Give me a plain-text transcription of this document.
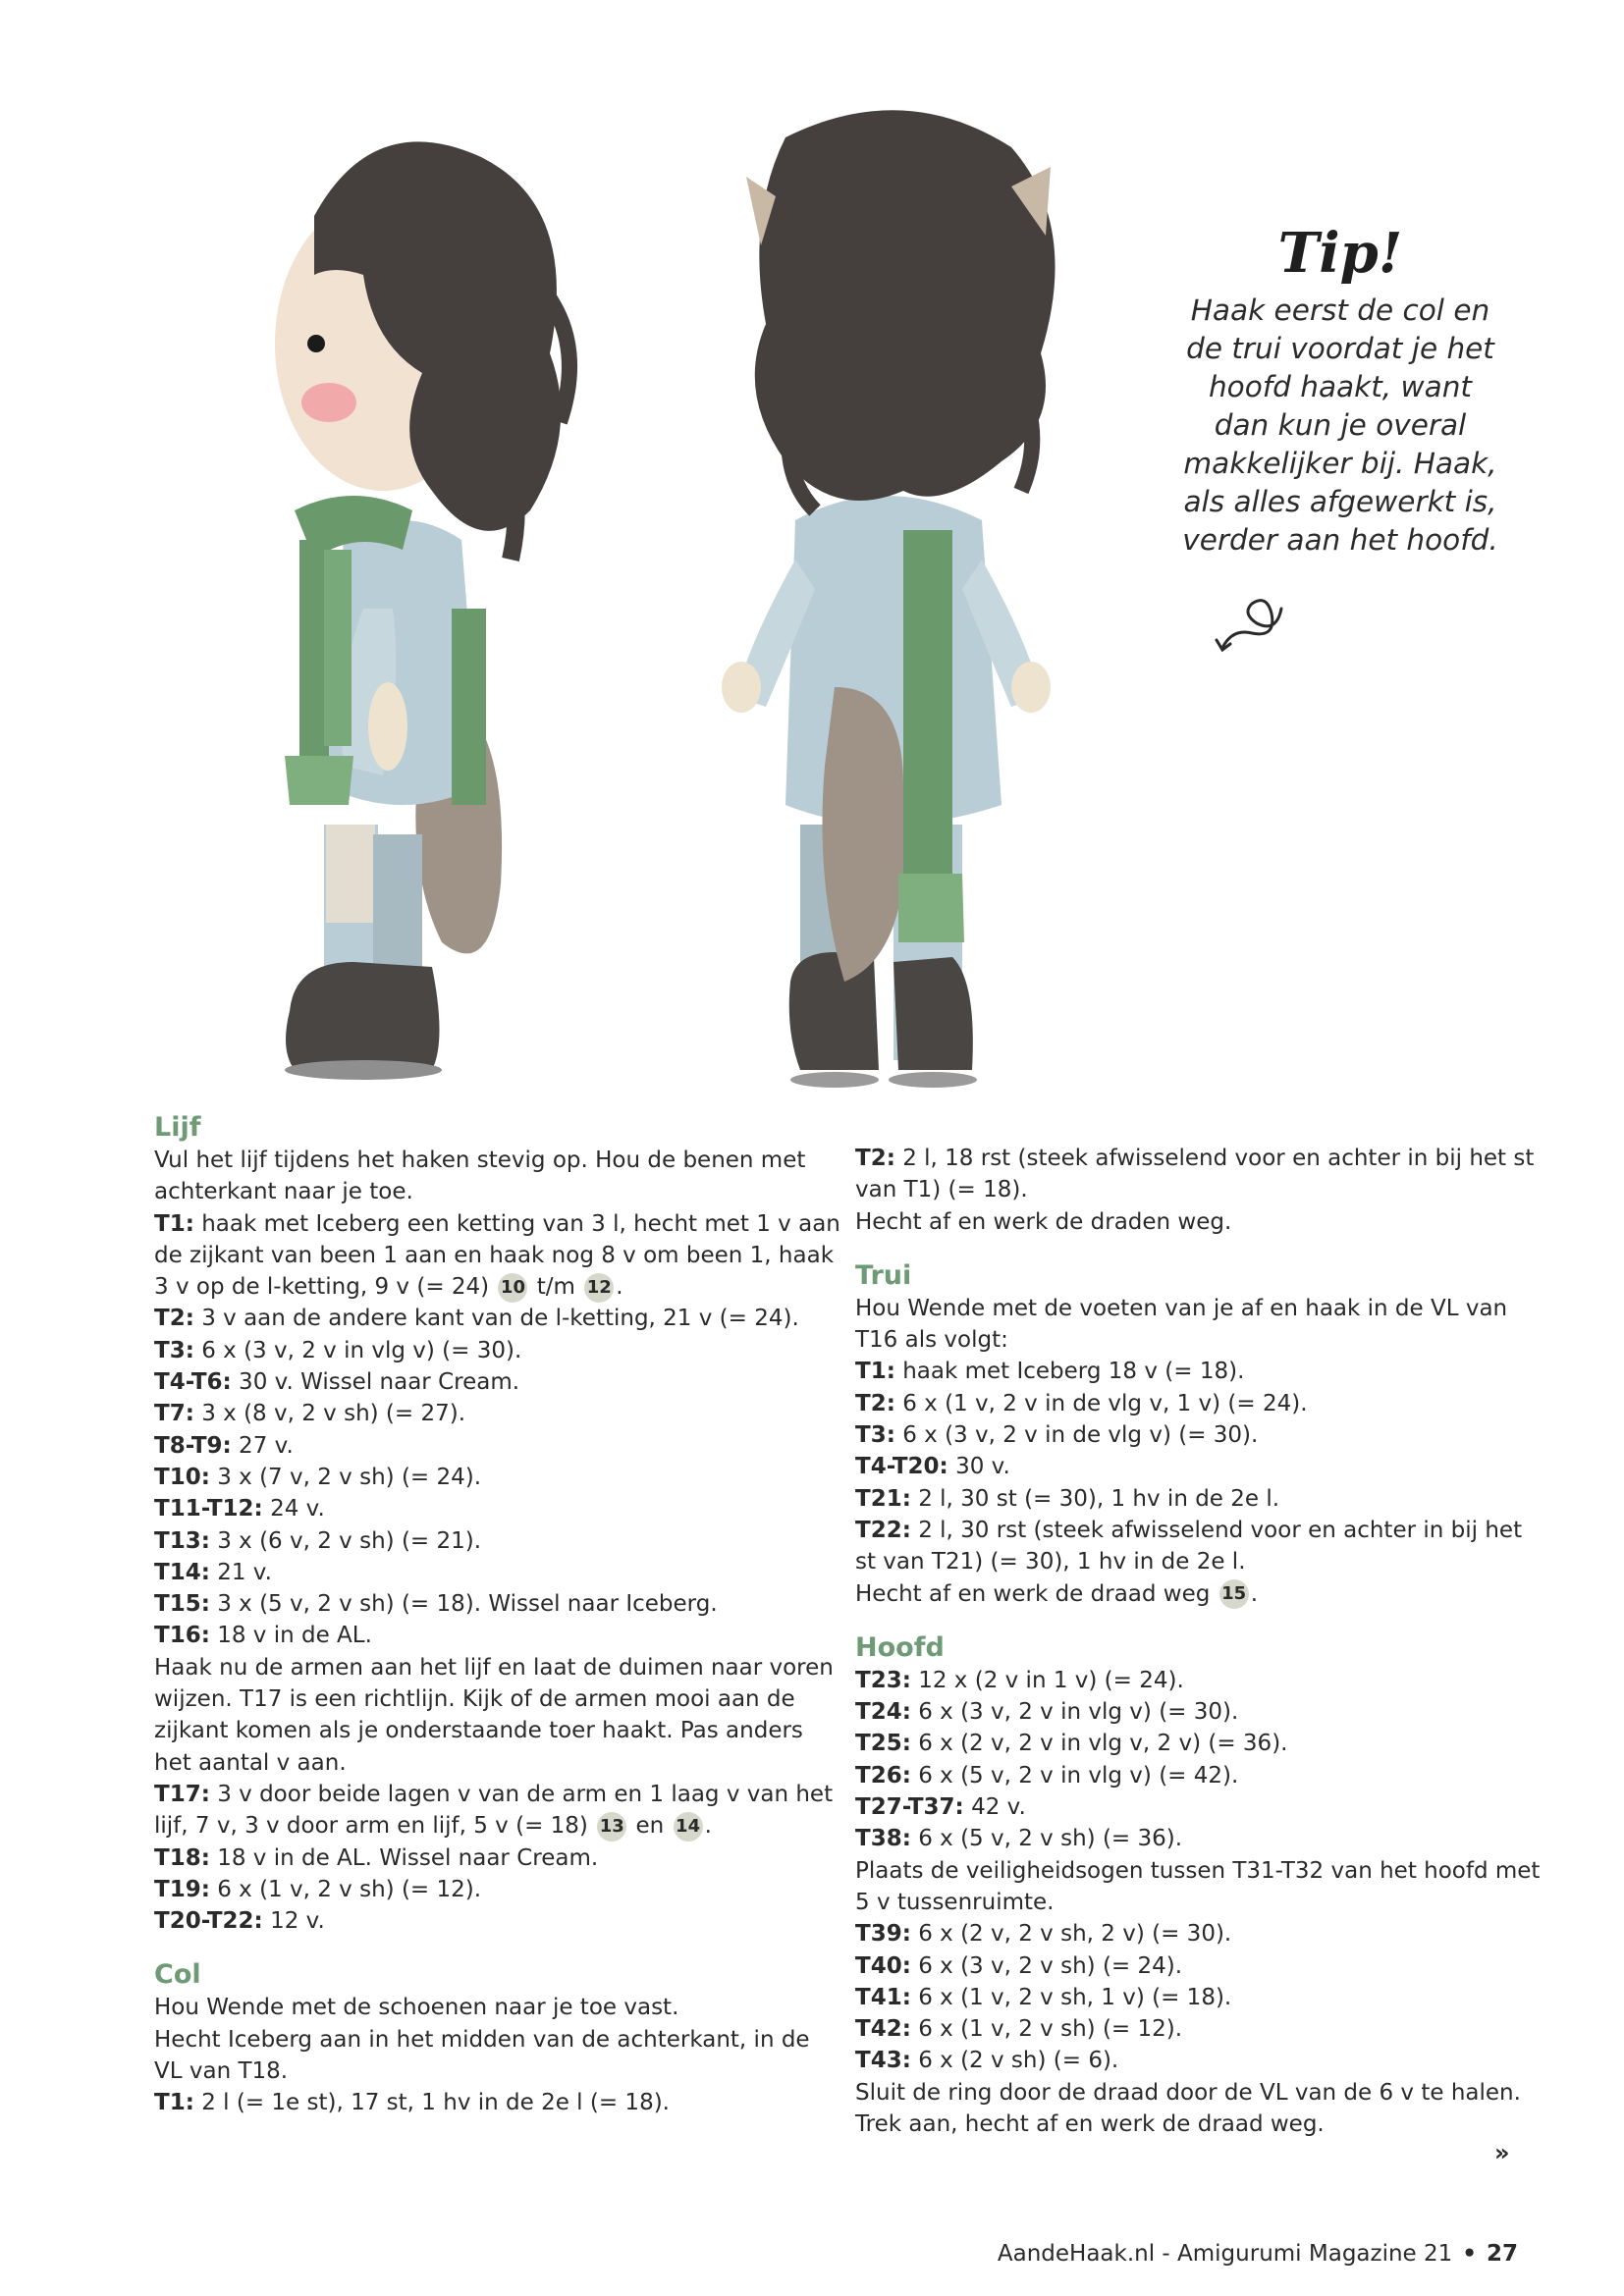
Tip!
Haak eerst de col en
de trui voordat je het
hoofd haakt, want
dan kun je overal
makkelijker bij. Haak,
als alles afgewerkt is,
verder aan het hoofd.

Lijf

Vul het lijf tijdens het haken stevig op. Hou de benen met achterkant naar je toe.

T1: haak met Iceberg een ketting van 3 l, hecht met 1 v aan de zijkant van been 1 aan en haak nog 8 v om been 1, haak 3 v op de l-ketting, 9 v (= 24) 10 t/m 12 .

T2: 3 v aan de andere kant van de l-ketting, 21 v (= 24).

T3: 6 x (3 v, 2 v in vlg v) (= 30).

T4-T6: 30 v. Wissel naar Cream.

T7: 3 x (8 v, 2 v sh) (= 27).

T8-T9: 27 v.

T10: 3 x (7 v, 2 v sh) (= 24).

T11-T12: 24 v.

T13: 3 x (6 v, 2 v sh) (= 21).

T14: 21 v.

T15: 3 x (5 v, 2 v sh) (= 18). Wissel naar Iceberg.

T16: 18 v in de AL.

Haak nu de armen aan het lijf en laat de duimen naar voren wijzen. T17 is een richtlijn. Kijk of de armen mooi aan de zijkant komen als je onderstaande toer haakt. Pas anders het aantal v aan.

T17: 3 v door beide lagen v van de arm en 1 laag v van het lijf, 7 v, 3 v door arm en lijf, 5 v (= 18) 13 en 14 .

T18: 18 v in de AL. Wissel naar Cream.

T19: 6 x (1 v, 2 v sh) (= 12).

T20-T22: 12 v.

Col

Hou Wende met de schoenen naar je toe vast.

Hecht Iceberg aan in het midden van de achterkant, in de VL van T18.

T1: 2 l (= 1e st), 17 st, 1 hv in de 2e l (= 18).

T2: 2 l, 18 rst (steek afwisselend voor en achter in bij het st van T1) (= 18).

Hecht af en werk de draden weg.

Trui

Hou Wende met de voeten van je af en haak in de VL van T16 als volgt:

T1: haak met Iceberg 18 v (= 18).

T2: 6 x (1 v, 2 v in de vlg v, 1 v) (= 24).

T3: 6 x (3 v, 2 v in de vlg v) (= 30).

T4-T20: 30 v.

T21: 2 l, 30 st (= 30), 1 hv in de 2e l.

T22: 2 l, 30 rst (steek afwisselend voor en achter in bij het st van T21) (= 30), 1 hv in de 2e l.

Hecht af en werk de draad weg 15 .

Hoofd

T23: 12 x (2 v in 1 v) (= 24).

T24: 6 x (3 v, 2 v in vlg v) (= 30).

T25: 6 x (2 v, 2 v in vlg v, 2 v) (= 36).

T26: 6 x (5 v, 2 v in vlg v) (= 42).

T27-T37: 42 v.

T38: 6 x (5 v, 2 v sh) (= 36).

Plaats de veiligheidsogen tussen T31-T32 van het hoofd met 5 v tussenruimte.

T39: 6 x (2 v, 2 v sh, 2 v) (= 30).

T40: 6 x (3 v, 2 v sh) (= 24).

T41: 6 x (1 v, 2 v sh, 1 v) (= 18).

T42: 6 x (1 v, 2 v sh) (= 12).

T43: 6 x (2 v sh) (= 6).

Sluit de ring door de draad door de VL van de 6 v te halen.

Trek aan, hecht af en werk de draad weg.

»
AandeHaak.nl - Amigurumi Magazine 21 • 27
